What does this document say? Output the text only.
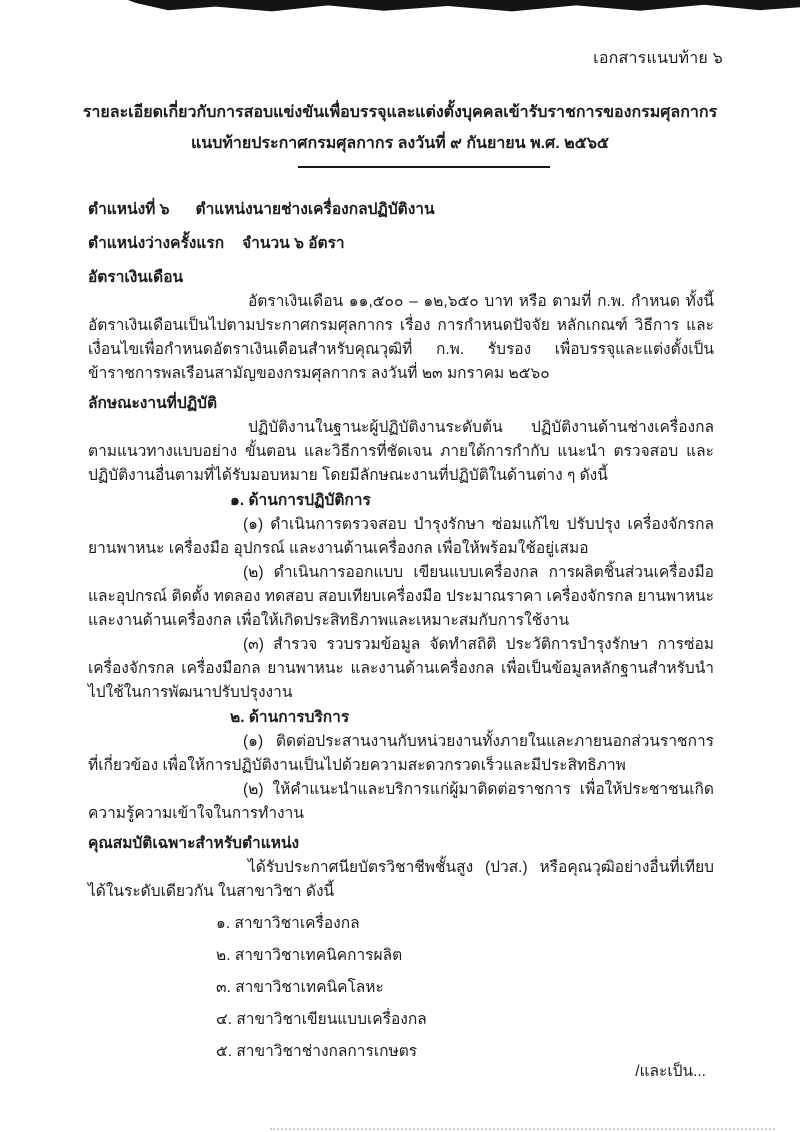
เอกสารแนบท้าย ๖
รายละเอียดเกี่ยวกับการสอบแข่งขันเพื่อบรรจุและแต่งตั้งบุคคลเข้ารับราชการของกรมศุลกากร
แนบท้ายประกาศกรมศุลกากร ลงวันที่ ๙ กันยายน พ.ศ. ๒๕๖๕
ตำแหน่งที่ ๖ ตำแหน่งนายช่างเครื่องกลปฏิบัติงาน
ตำแหน่งว่างครั้งแรก จำนวน ๖ อัตรา
อัตราเงินเดือน
อัตราเงินเดือน ๑๑,๕๐๐ – ๑๒,๖๕๐ บาท หรือ ตามที่ ก.พ. กำหนด ทั้งนี้ อัตราเงินเดือนเป็นไปตามประกาศกรมศุลกากร เรื่อง การกำหนดปัจจัย หลักเกณฑ์ วิธีการ และเงื่อนไขเพื่อกำหนดอัตราเงินเดือนสำหรับคุณวุฒิที่ ก.พ. รับรอง เพื่อบรรจุและแต่งตั้งเป็นข้าราชการพลเรือนสามัญของกรมศุลกากร ลงวันที่ ๒๓ มกราคม ๒๕๖๐
ลักษณะงานที่ปฏิบัติ
ปฏิบัติงานในฐานะผู้ปฏิบัติงานระดับต้น ปฏิบัติงานด้านช่างเครื่องกล ตามแนวทางแบบอย่าง ขั้นตอน และวิธีการที่ชัดเจน ภายใต้การกำกับ แนะนำ ตรวจสอบ และปฏิบัติงานอื่นตามที่ได้รับมอบหมาย โดยมีลักษณะงานที่ปฏิบัติในด้านต่าง ๆ ดังนี้
๑. ด้านการปฏิบัติการ
(๑) ดำเนินการตรวจสอบ บำรุงรักษา ซ่อมแก้ไข ปรับปรุง เครื่องจักรกล ยานพาหนะ เครื่องมือ อุปกรณ์ และงานด้านเครื่องกล เพื่อให้พร้อมใช้อยู่เสมอ
(๒) ดำเนินการออกแบบ เขียนแบบเครื่องกล การผลิตชิ้นส่วนเครื่องมือและอุปกรณ์ ติดตั้ง ทดลอง ทดสอบ สอบเทียบเครื่องมือ ประมาณราคา เครื่องจักรกล ยานพาหนะ และงานด้านเครื่องกล เพื่อให้เกิดประสิทธิภาพและเหมาะสมกับการใช้งาน
(๓) สำรวจ รวบรวมข้อมูล จัดทำสถิติ ประวัติการบำรุงรักษา การซ่อมเครื่องจักรกล เครื่องมือกล ยานพาหนะ และงานด้านเครื่องกล เพื่อเป็นข้อมูลหลักฐานสำหรับนำไปใช้ในการพัฒนาปรับปรุงงาน
๒. ด้านการบริการ
(๑) ติดต่อประสานงานกับหน่วยงานทั้งภายในและภายนอกส่วนราชการที่เกี่ยวข้อง เพื่อให้การปฏิบัติงานเป็นไปด้วยความสะดวกรวดเร็วและมีประสิทธิภาพ
(๒) ให้คำแนะนำและบริการแก่ผู้มาติดต่อราชการ เพื่อให้ประชาชนเกิดความรู้ความเข้าใจในการทำงาน
คุณสมบัติเฉพาะสำหรับตำแหน่ง
ได้รับประกาศนียบัตรวิชาชีพชั้นสูง (ปวส.) หรือคุณวุฒิอย่างอื่นที่เทียบได้ในระดับเดียวกัน ในสาขาวิชา ดังนี้
๑. สาขาวิชาเครื่องกล
๒. สาขาวิชาเทคนิคการผลิต
๓. สาขาวิชาเทคนิคโลหะ
๔. สาขาวิชาเขียนแบบเครื่องกล
๕. สาขาวิชาช่างกลการเกษตร
/และเป็น...
